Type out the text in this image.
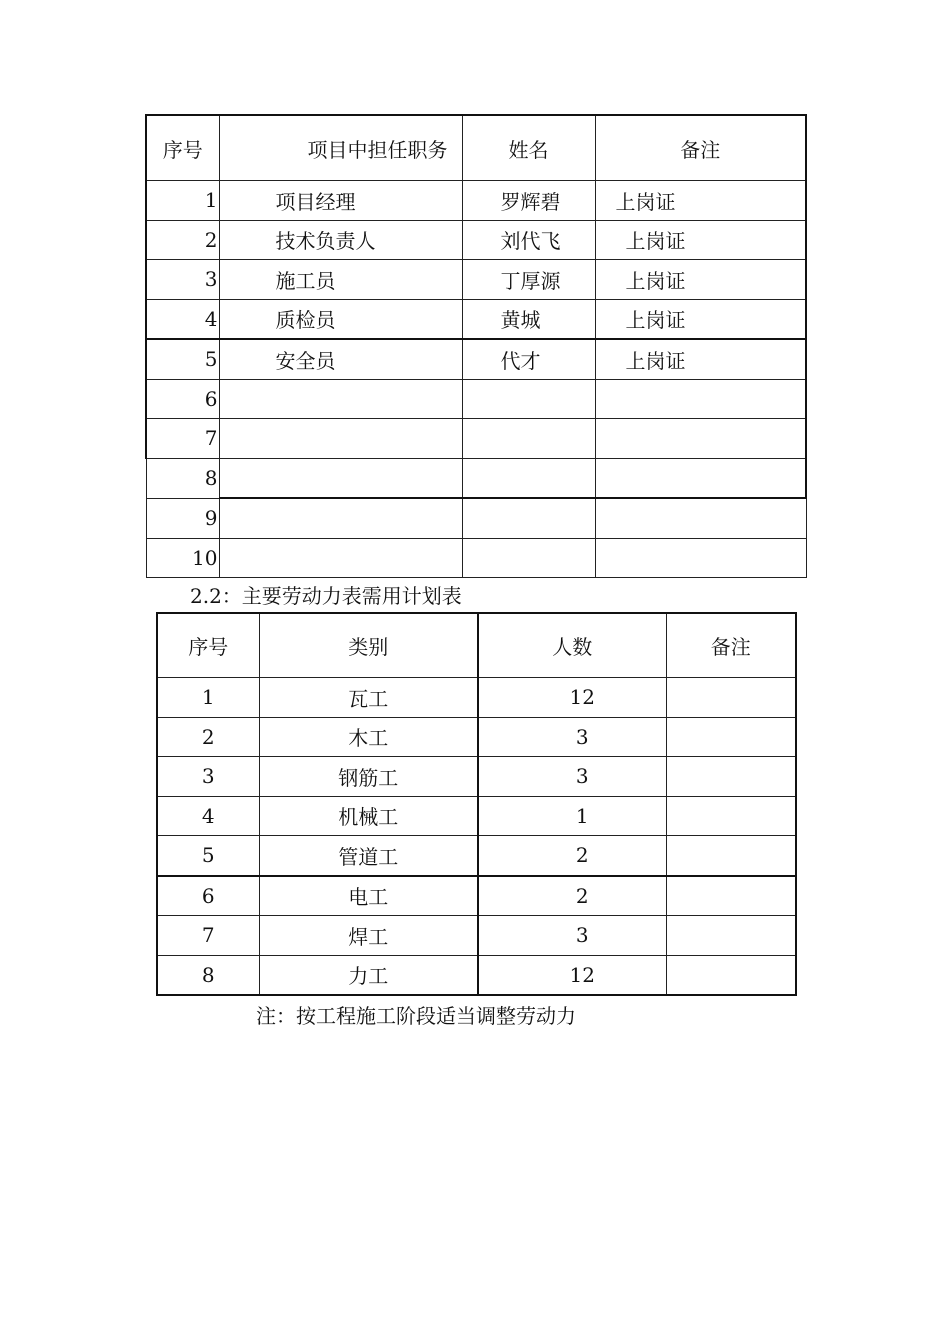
序号	项目中担任职务	姓名	备注
1	项目经理	罗辉碧	上岗证
2	技术负责人	刘代飞	上岗证
3	施工员	丁厚源	上岗证
4	质检员	黄城	上岗证
5	安全员	代才	上岗证
6			
7			
8			
9			
10			
2.2：主要劳动力表需用计划表
序号	类别	人数	备注
1	瓦工	12	
2	木工	3	
3	钢筋工	3	
4	机械工	1	
5	管道工	2	
6	电工	2	
7	焊工	3	
8	力工	12	
注：按工程施工阶段适当调整劳动力
